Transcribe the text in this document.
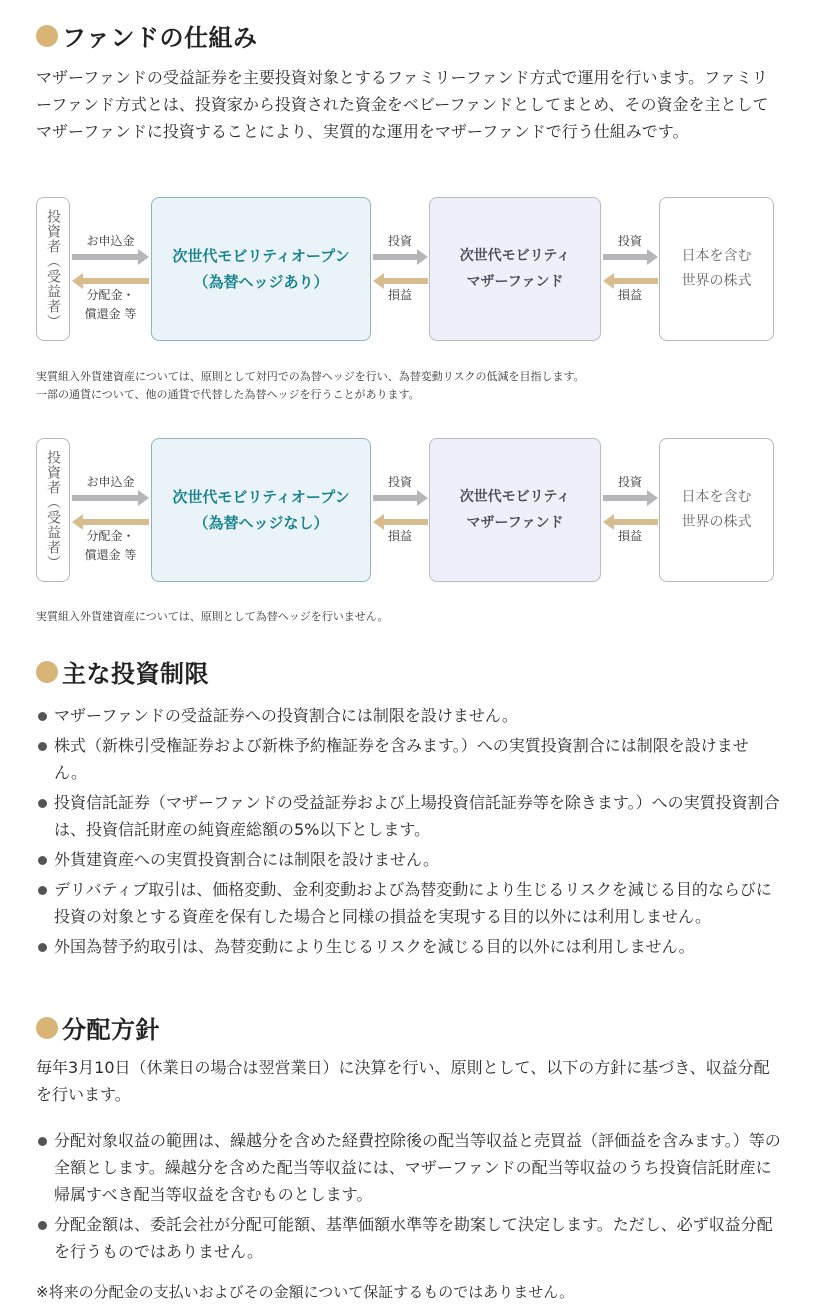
ファンドの仕組み

マザーファンドの受益証券を主要投資対象とするファミリーファンド方式で運用を行います。ファミリーファンド方式とは、投資家から投資された資金をベビーファンドとしてまとめ、その資金を主としてマザーファンドに投資することにより、実質的な運用をマザーファンドで行う仕組みです。

投資者（受益者）	お申込金
分配金・
償還金 等
次世代モビリティオープン
（為替ヘッジあり）
投資
損益
次世代モビリティ
マザーファンド
投資
損益
日本を含む
世界の株式
実質組入外貨建資産については、原則として対円での為替ヘッジを行い、為替変動リスクの低減を目指します。
一部の通貨について、他の通貨で代替した為替ヘッジを行うことがあります。
投資者（受益者）	お申込金
分配金・
償還金 等
次世代モビリティオープン
（為替ヘッジなし）
投資
損益
次世代モビリティ
マザーファンド
投資
損益
日本を含む
世界の株式
実質組入外貨建資産については、原則として為替ヘッジを行いません。
主な投資制限
マザーファンドの受益証券への投資割合には制限を設けません。
株式（新株引受権証券および新株予約権証券を含みます。）への実質投資割合には制限を設けません。
投資信託証券（マザーファンドの受益証券および上場投資信託証券等を除きます。）への実質投資割合は、投資信託財産の純資産総額の5%以下とします。
外貨建資産への実質投資割合には制限を設けません。
デリバティブ取引は、価格変動、金利変動および為替変動により生じるリスクを減じる目的ならびに投資の対象とする資産を保有した場合と同様の損益を実現する目的以外には利用しません。
外国為替予約取引は、為替変動により生じるリスクを減じる目的以外には利用しません。
分配方針

毎年3月10日（休業日の場合は翌営業日）に決算を行い、原則として、以下の方針に基づき、収益分配を行います。

分配対象収益の範囲は、繰越分を含めた経費控除後の配当等収益と売買益（評価益を含みます。）等の全額とします。繰越分を含めた配当等収益には、マザーファンドの配当等収益のうち投資信託財産に帰属すべき配当等収益を含むものとします。
分配金額は、委託会社が分配可能額、基準価額水準等を勘案して決定します。ただし、必ず収益分配を行うものではありません。
※将来の分配金の支払いおよびその金額について保証するものではありません。
